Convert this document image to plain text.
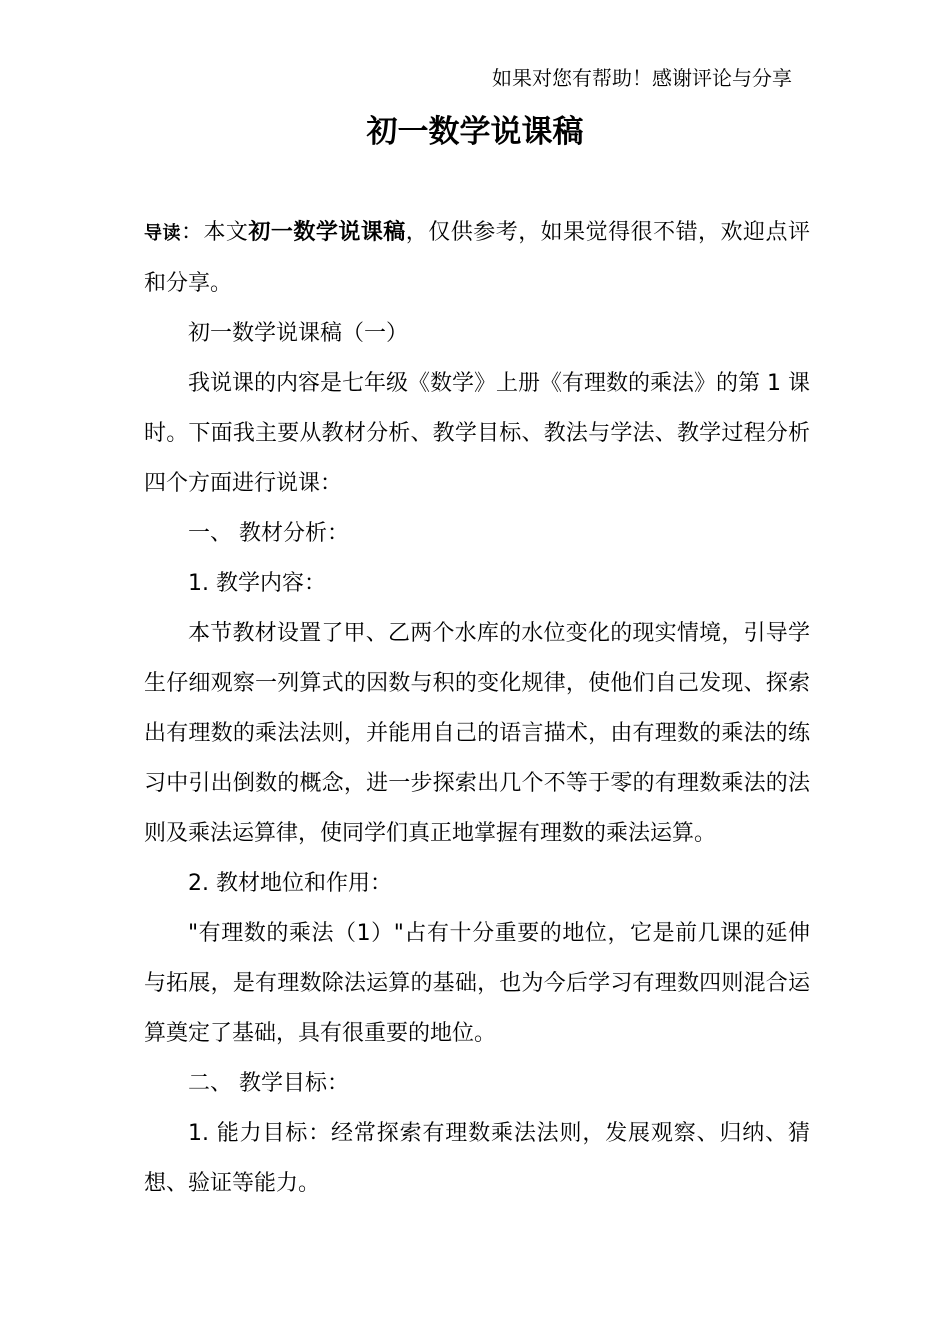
如果对您有帮助！感谢评论与分享
初一数学说课稿

导读：本文初一数学说课稿，仅供参考，如果觉得很不错，欢迎点评和分享。

初一数学说课稿（一）

我说课的内容是七年级《数学》上册《有理数的乘法》的第 1 课时。下面我主要从教材分析、教学目标、教法与学法、教学过程分析四个方面进行说课：

一、 教材分析：

1. 教学内容：

本节教材设置了甲、乙两个水库的水位变化的现实情境，引导学生仔细观察一列算式的因数与积的变化规律，使他们自己发现、探索出有理数的乘法法则，并能用自己的语言描术，由有理数的乘法的练习中引出倒数的概念，进一步探索出几个不等于零的有理数乘法的法则及乘法运算律，使同学们真正地掌握有理数的乘法运算。

2. 教材地位和作用：

"有理数的乘法（1）"占有十分重要的地位，它是前几课的延伸与拓展，是有理数除法运算的基础，也为今后学习有理数四则混合运算奠定了基础，具有很重要的地位。

二、 教学目标：

1. 能力目标：经常探索有理数乘法法则，发展观察、归纳、猜想、验证等能力。
